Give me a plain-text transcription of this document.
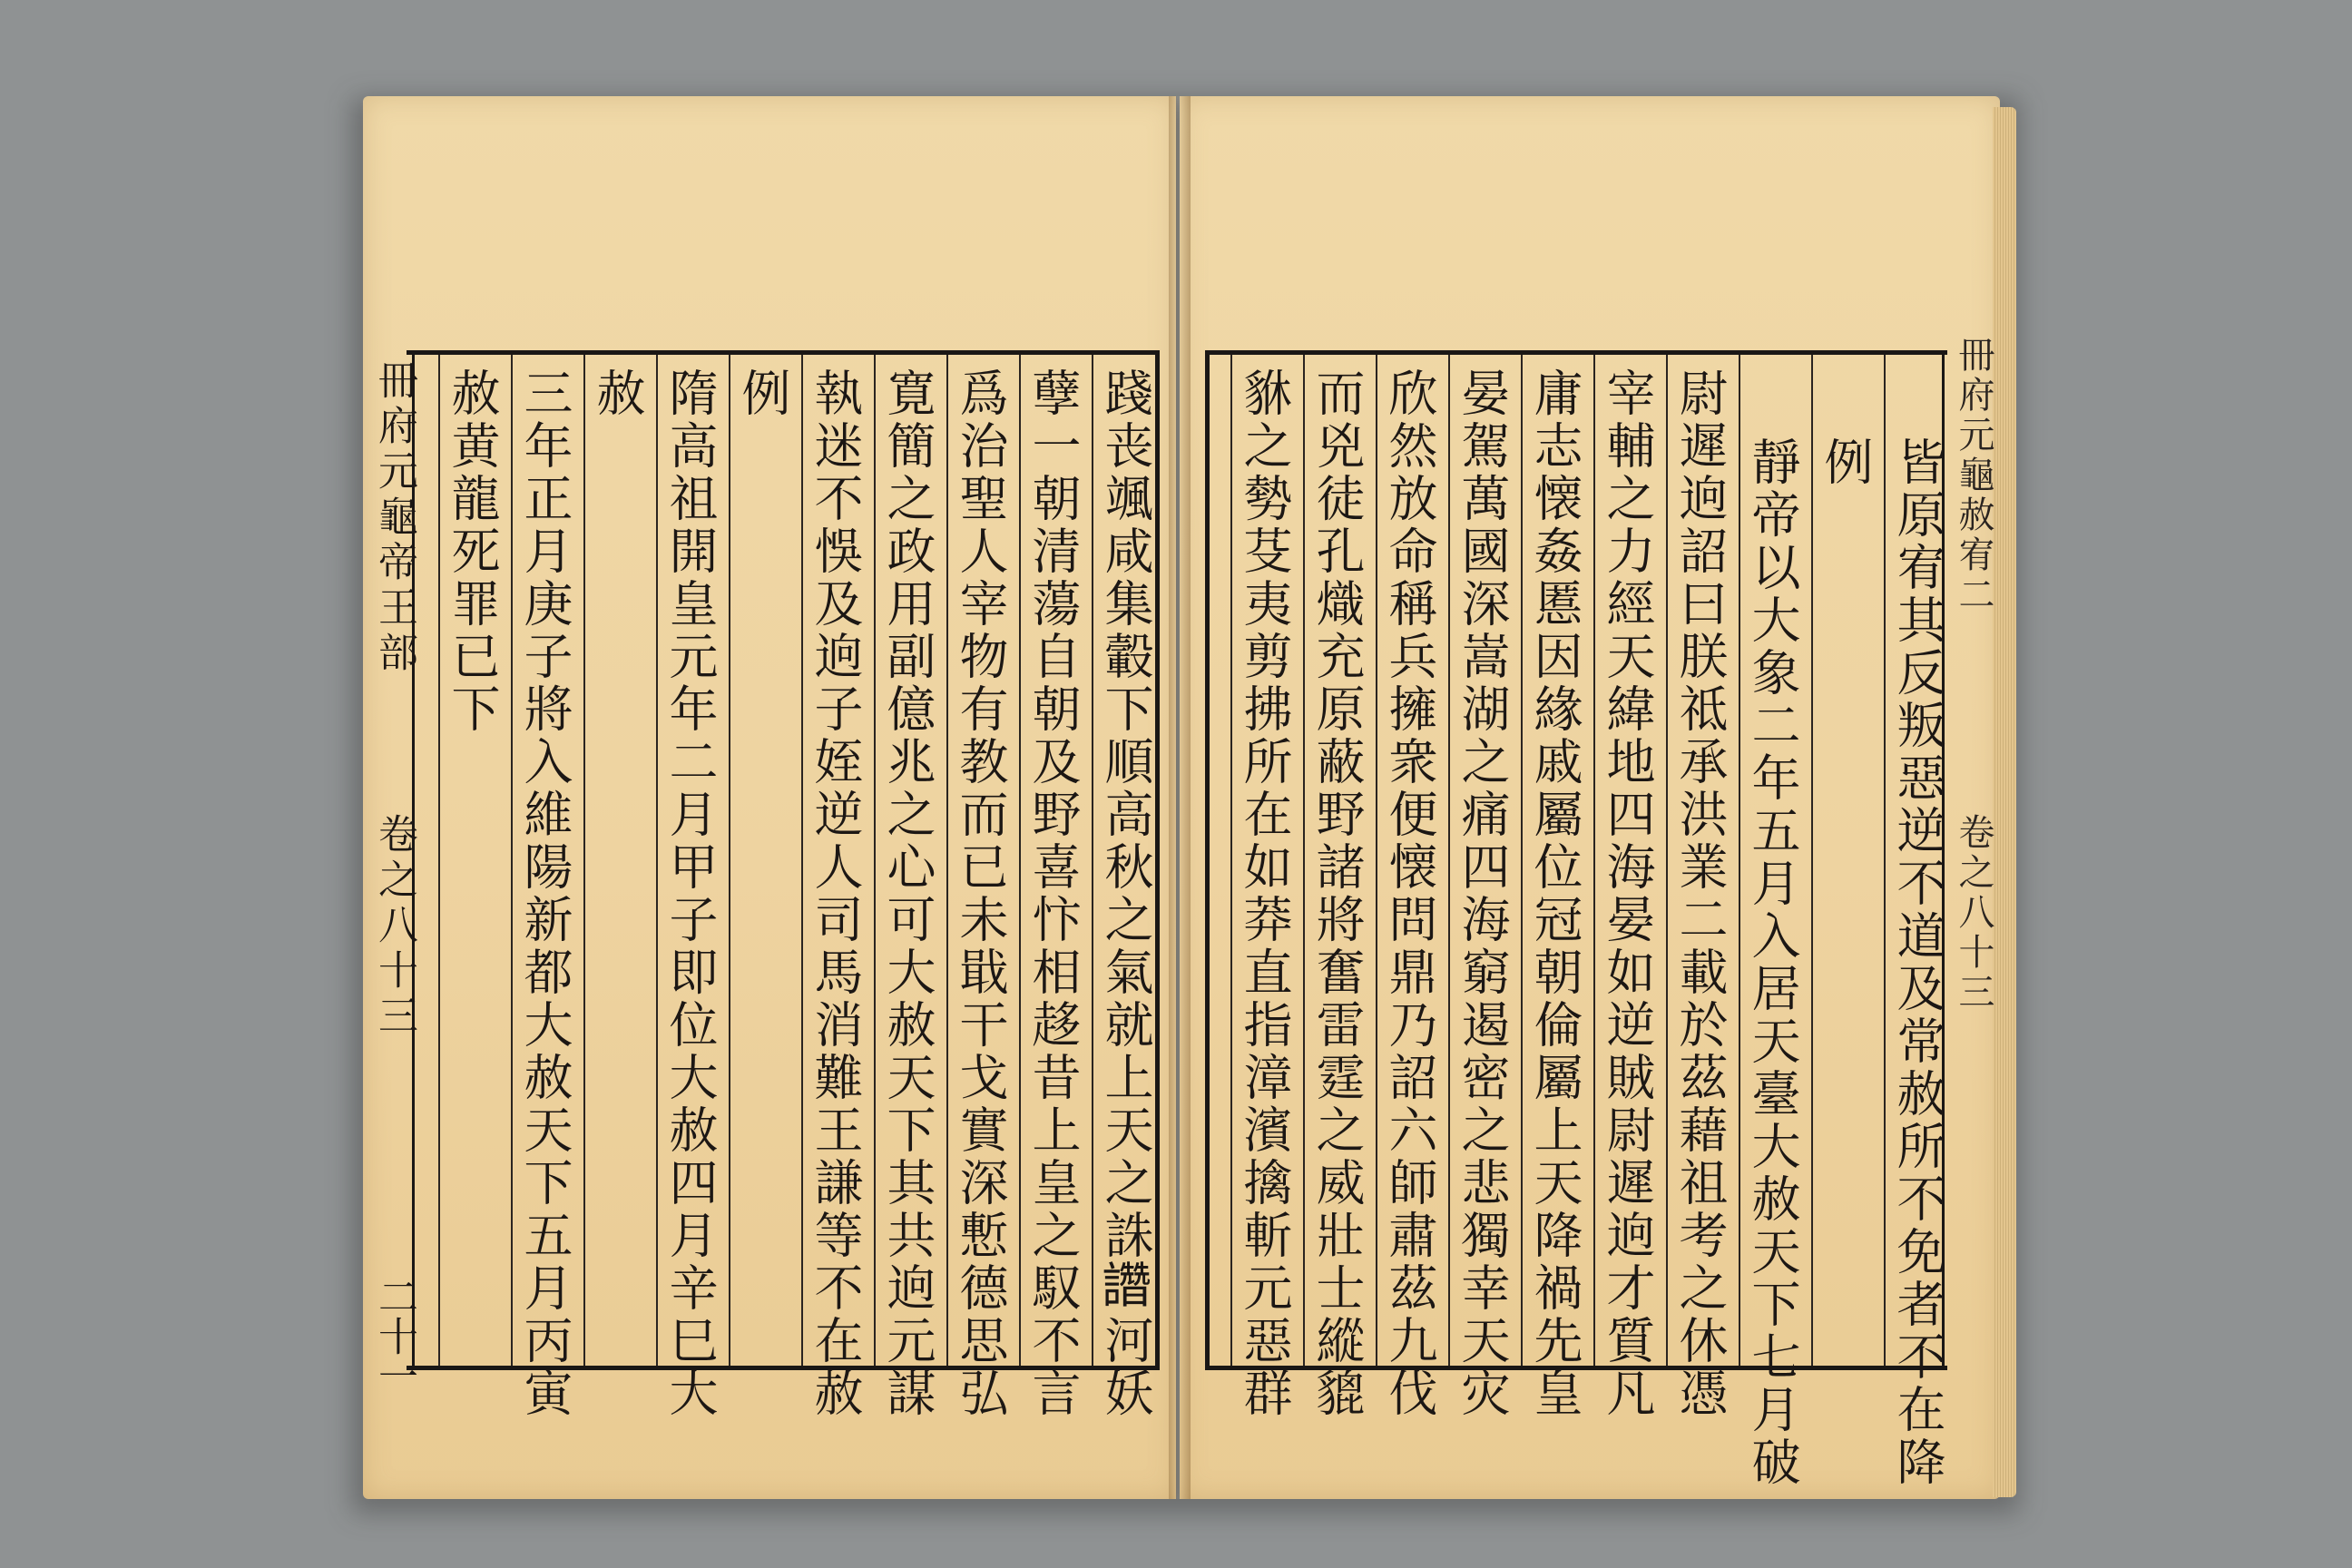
冊府元龜帝王部
卷之八十三
二十一	踐丧颯咸集轂下順高秋之氣就上天之誅𧮂河妖
孽一朝清蕩自朝及野喜忭相趍昔上皇之馭不言
爲治聖人宰物有教而已未戢干戈實深慙德思弘
寛簡之政用副億兆之心可大赦天下其共逈元謀
執迷不悞及逈子姪逆人司馬消難王謙等不在赦
例
隋高祖開皇元年二月甲子即位大赦四月辛巳大
赦
三年正月庚子將入維陽新都大赦天下五月丙寅
赦黄龍死罪已下	冊府元龜赦宥二
卷之八十三
皆原宥其反叛惡逆不道及常赦所不免者不在降
例
靜帝以大象二年五月入居天臺大赦天下七月破
尉遲逈詔曰朕祗承洪業二載於茲藉祖考之休憑
宰輔之力經天緯地四海晏如逆賊尉遲逈才質凡
庸志懐姦慝因緣戚屬位冠朝倫屬上天降禍先皇
晏駕萬國深嵩湖之痛四海窮遏密之悲獨幸天灾
欣然放命稱兵擁衆便懐問鼎乃詔六師肅茲九伐
而兇徒孔熾充原蔽野諸將奮雷霆之威壯士縱貔
貅之勢芟夷剪拂所在如莽直指漳濱擒斬元惡群
